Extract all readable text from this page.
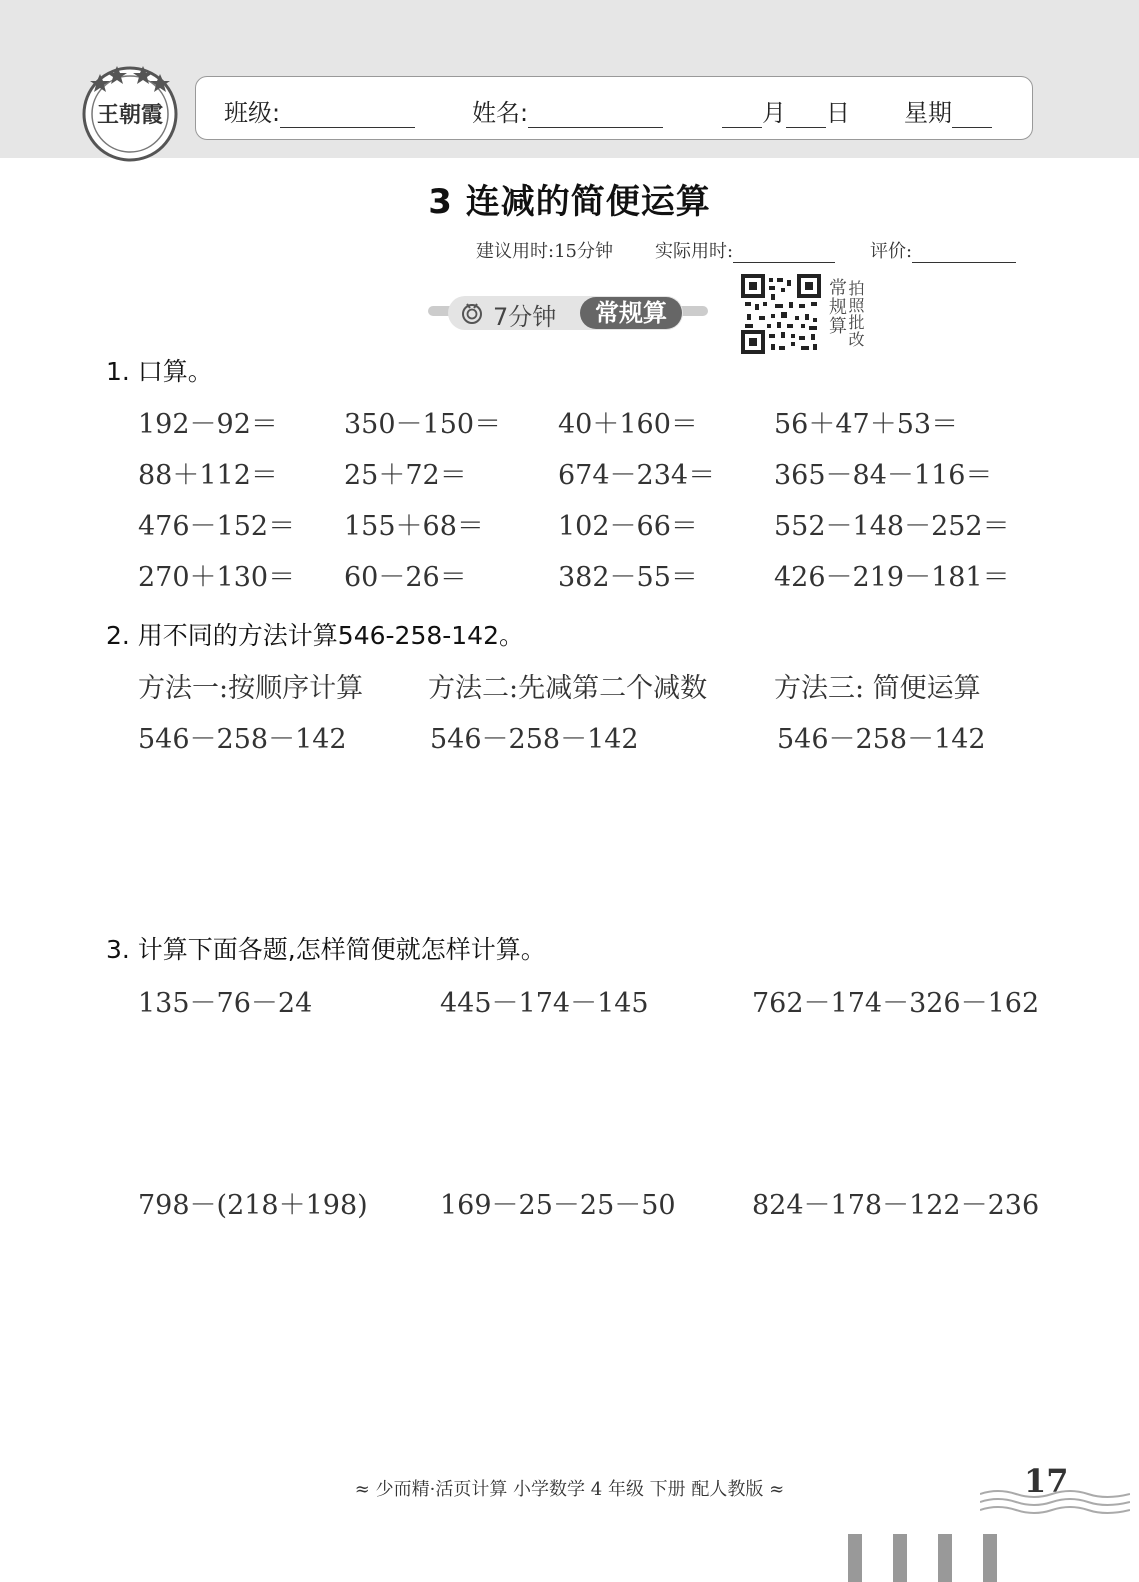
王朝霞	班级:	姓名:	月 日 星期
3 连减的简便运算
建议用时:15分钟 实际用时:	评价:
7分钟	常规算	常规算 拍照批改
1. 口算。
192－92＝ 350－150＝ 40＋160＝	56＋47＋53＝
88＋112＝ 25＋72＝	674－234＝ 365－84－116＝
476－152＝ 155＋68＝	102－66＝	552－148－252＝
270＋130＝ 60－26＝	382－55＝	426－219－181＝
2. 用不同的方法计算546-258-142。
方法一:按顺序计算 方法二:先减第二个减数 方法三: 简便运算
546－258－142	546－258－142	546－258－142
3. 计算下面各题,怎样简便就怎样计算。
135－76－24	445－174－145	762－174－326－162
798－(218＋198)	169－25－25－50	824－178－122－236
≈ 少而精·活页计算 小学数学 4 年级 下册 配人教版 ≈	17
